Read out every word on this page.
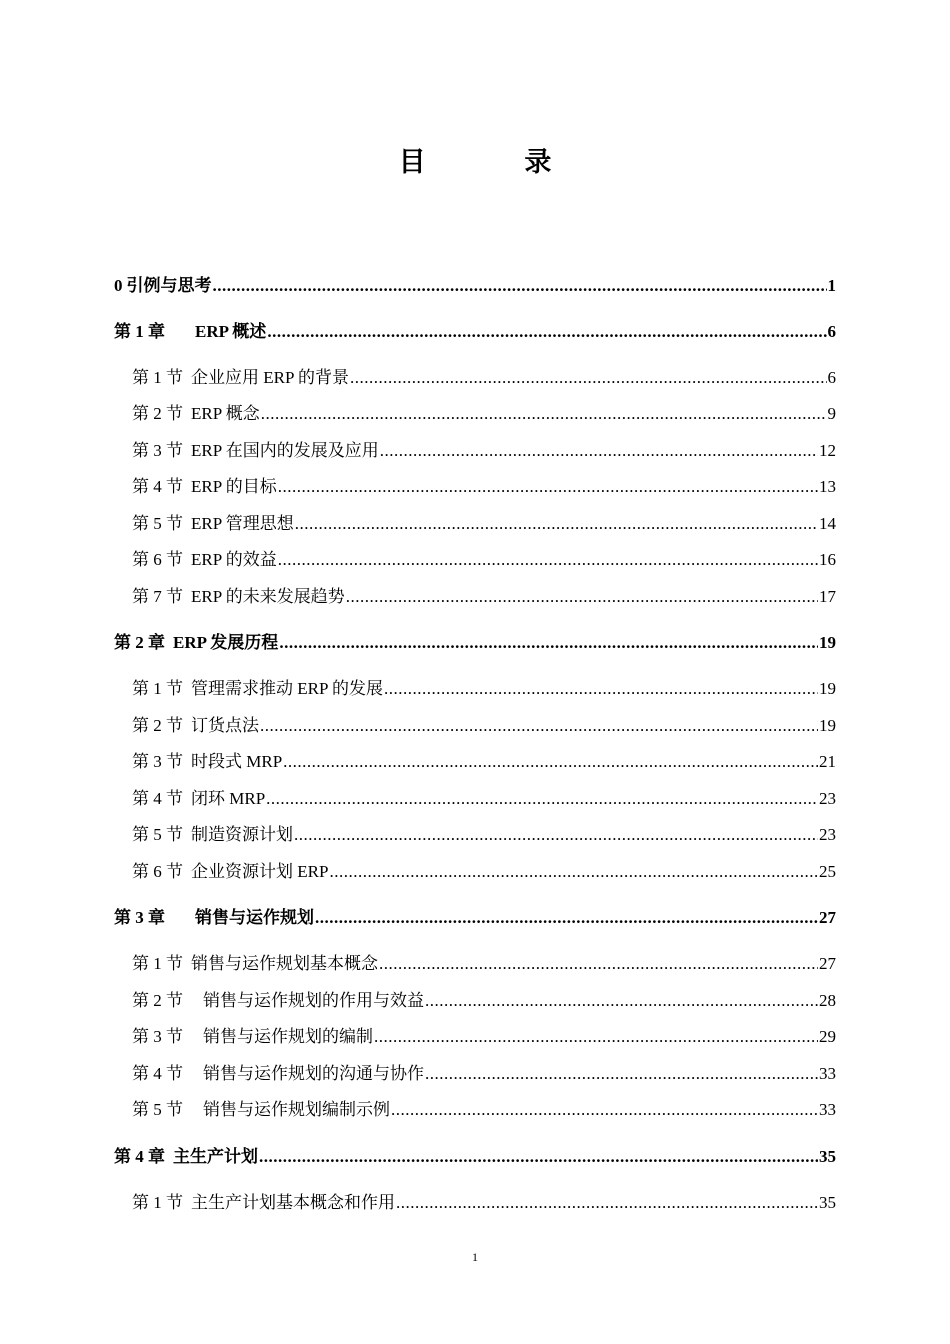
目 录
0 引例与思考 .....	1
第 1 章 ERP 概述 .....	6
第 1 节 企业应用 ERP 的背景 .....	6
第 2 节 ERP 概念 .....	9
第 3 节 ERP 在国内的发展及应用 .....	12
第 4 节 ERP 的目标 .....	13
第 5 节 ERP 管理思想 .....	14
第 6 节 ERP 的效益 .....	16
第 7 节 ERP 的未来发展趋势 .....	17
第 2 章 ERP 发展历程 .....	19
第 1 节 管理需求推动 ERP 的发展 .....	19
第 2 节 订货点法 .....	19
第 3 节 时段式 MRP .....	21
第 4 节 闭环 MRP .....	23
第 5 节 制造资源计划 .....	23
第 6 节 企业资源计划 ERP .....	25
第 3 章 销售与运作规划 .....	27
第 1 节 销售与运作规划基本概念 .....	27
第 2 节 销售与运作规划的作用与效益 .....	28
第 3 节 销售与运作规划的编制 .....	29
第 4 节 销售与运作规划的沟通与协作 .....	33
第 5 节 销售与运作规划编制示例 .....	33
第 4 章 主生产计划 .....	35
第 1 节 主生产计划基本概念和作用 .....	35
1
